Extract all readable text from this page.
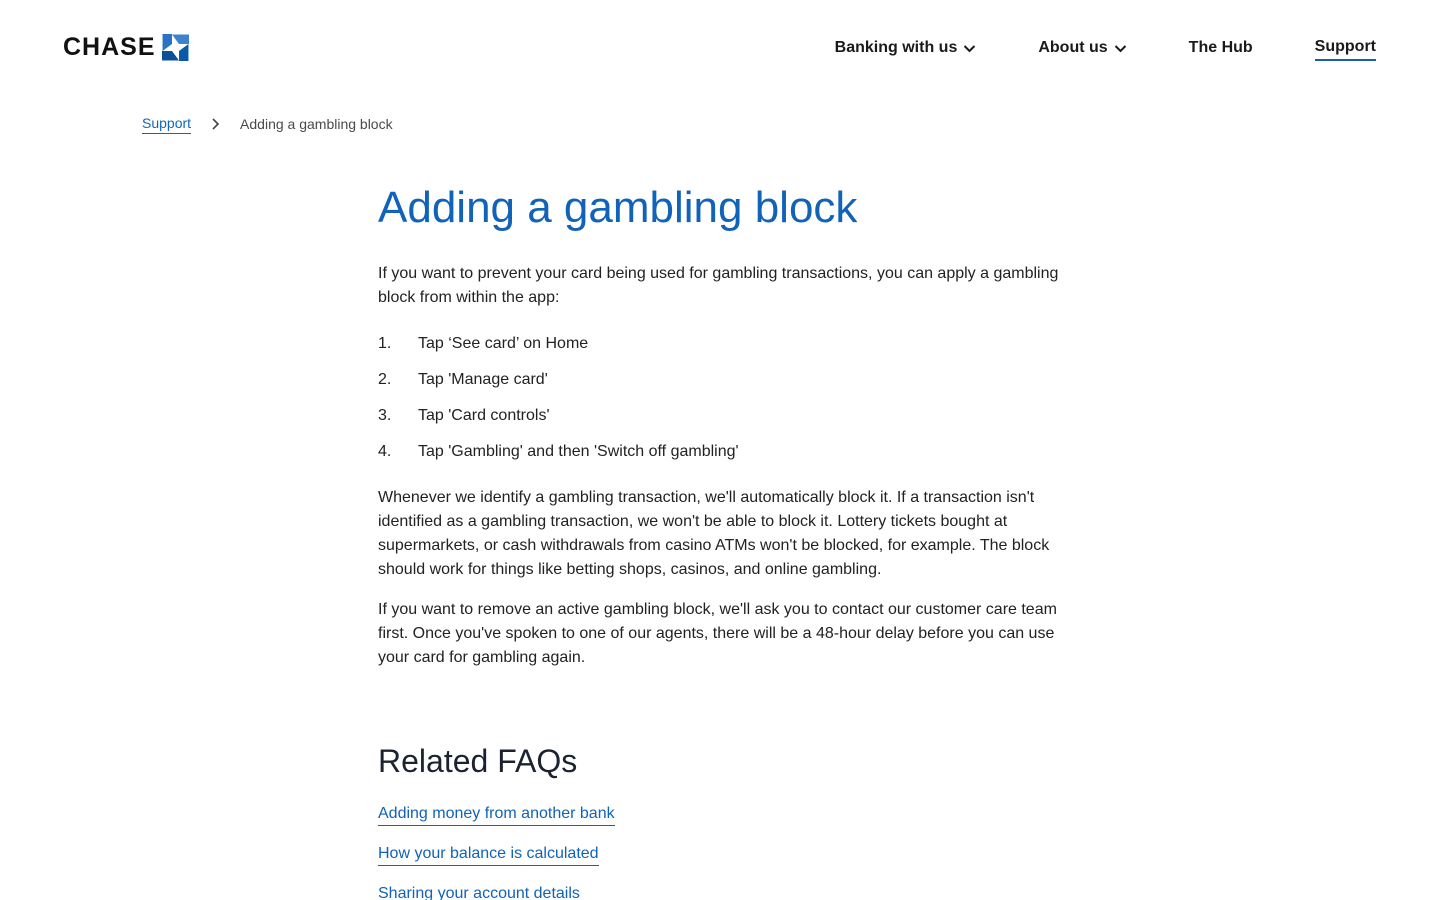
CHASE	Banking with us	About us	The Hub	Support
Support	Adding a gambling block
Adding a gambling block

If you want to prevent your card being used for gambling transactions, you can apply a gambling block from within the app:

1.	Tap ‘See card’ on Home
2.	Tap 'Manage card'
3.	Tap 'Card controls'
4.	Tap 'Gambling' and then 'Switch off gambling'

Whenever we identify a gambling transaction, we'll automatically block it. If a transaction isn't identified as a gambling transaction, we won't be able to block it. Lottery tickets bought at supermarkets, or cash withdrawals from casino ATMs won't be blocked, for example. The block should work for things like betting shops, casinos, and online gambling.

If you want to remove an active gambling block, we'll ask you to contact our customer care team first. Once you've spoken to one of our agents, there will be a 48-hour delay before you can use your card for gambling again.

Related FAQs
Adding money from another bank
How your balance is calculated
Sharing your account details
